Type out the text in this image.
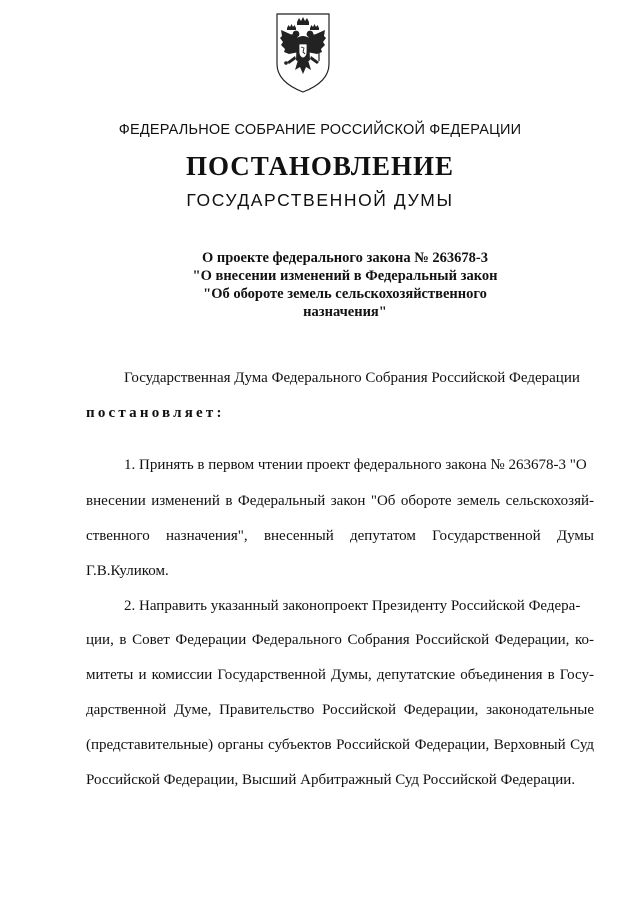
ФЕДЕРАЛЬНОЕ СОБРАНИЕ РОССИЙСКОЙ ФЕДЕРАЦИИ
ПОСТАНОВЛЕНИЕ
ГОСУДАРСТВЕННОЙ ДУМЫ
О проекте федерального закона № 263678-3
"О внесении изменений в Федеральный закон
"Об обороте земель сельскохозяйственного
назначения"
Государственная Дума Федерального Собрания Российской Федерации
постановляет:
1. Принять в первом чтении проект федерального закона № 263678-3 "О
внесении изменений в Федеральный закон "Об обороте земель сельскохозяй-
ственного назначения", внесенный депутатом Государственной Думы
Г.В.Куликом.
2. Направить указанный законопроект Президенту Российской Федера-
ции, в Совет Федерации Федерального Собрания Российской Федерации, ко-
митеты и комиссии Государственной Думы, депутатские объединения в Госу-
дарственной Думе, Правительство Российской Федерации, законодательные
(представительные) органы субъектов Российской Федерации, Верховный Суд
Российской Федерации, Высший Арбитражный Суд Российской Федерации.
